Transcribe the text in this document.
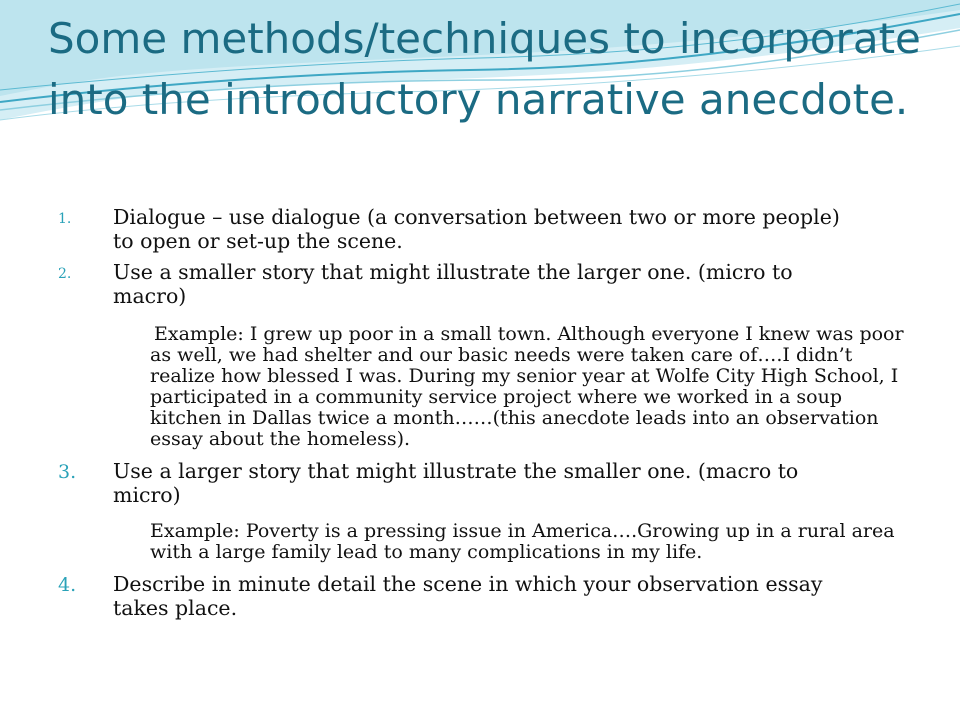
Some methods/techniques to incorporate into the introductory narrative anecdote.
1. Dialogue – use dialogue (a conversation between two or more people) to open or set-up the scene.
2. Use a smaller story that might illustrate the larger one. (micro to macro)
Example: I grew up poor in a small town. Although everyone I knew was poor as well, we had shelter and our basic needs were taken care of….I didn’t realize how blessed I was. During my senior year at Wolfe City High School, I participated in a community service project where we worked in a soup kitchen in Dallas twice a month……(this anecdote leads into an observation essay about the homeless).
3. Use a larger story that might illustrate the smaller one. (macro to micro)
Example: Poverty is a pressing issue in America….Growing up in a rural area with a large family lead to many complications in my life.
4. Describe in minute detail the scene in which your observation essay takes place.
